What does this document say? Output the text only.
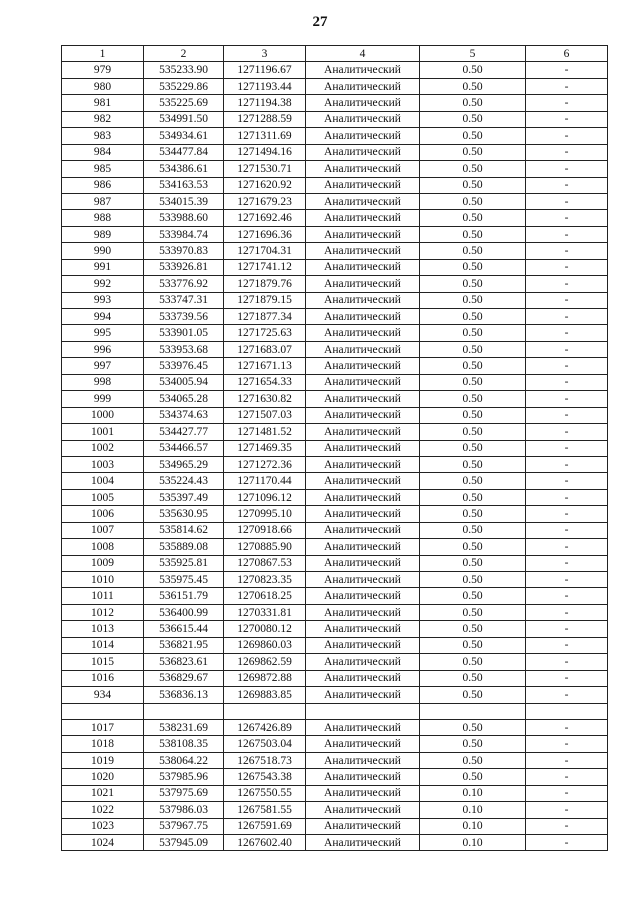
27
1	2	3	4	5	6
979	535233.90	1271196.67	Аналитический	0.50	-
980	535229.86	1271193.44	Аналитический	0.50	-
981	535225.69	1271194.38	Аналитический	0.50	-
982	534991.50	1271288.59	Аналитический	0.50	-
983	534934.61	1271311.69	Аналитический	0.50	-
984	534477.84	1271494.16	Аналитический	0.50	-
985	534386.61	1271530.71	Аналитический	0.50	-
986	534163.53	1271620.92	Аналитический	0.50	-
987	534015.39	1271679.23	Аналитический	0.50	-
988	533988.60	1271692.46	Аналитический	0.50	-
989	533984.74	1271696.36	Аналитический	0.50	-
990	533970.83	1271704.31	Аналитический	0.50	-
991	533926.81	1271741.12	Аналитический	0.50	-
992	533776.92	1271879.76	Аналитический	0.50	-
993	533747.31	1271879.15	Аналитический	0.50	-
994	533739.56	1271877.34	Аналитический	0.50	-
995	533901.05	1271725.63	Аналитический	0.50	-
996	533953.68	1271683.07	Аналитический	0.50	-
997	533976.45	1271671.13	Аналитический	0.50	-
998	534005.94	1271654.33	Аналитический	0.50	-
999	534065.28	1271630.82	Аналитический	0.50	-
1000	534374.63	1271507.03	Аналитический	0.50	-
1001	534427.77	1271481.52	Аналитический	0.50	-
1002	534466.57	1271469.35	Аналитический	0.50	-
1003	534965.29	1271272.36	Аналитический	0.50	-
1004	535224.43	1271170.44	Аналитический	0.50	-
1005	535397.49	1271096.12	Аналитический	0.50	-
1006	535630.95	1270995.10	Аналитический	0.50	-
1007	535814.62	1270918.66	Аналитический	0.50	-
1008	535889.08	1270885.90	Аналитический	0.50	-
1009	535925.81	1270867.53	Аналитический	0.50	-
1010	535975.45	1270823.35	Аналитический	0.50	-
1011	536151.79	1270618.25	Аналитический	0.50	-
1012	536400.99	1270331.81	Аналитический	0.50	-
1013	536615.44	1270080.12	Аналитический	0.50	-
1014	536821.95	1269860.03	Аналитический	0.50	-
1015	536823.61	1269862.59	Аналитический	0.50	-
1016	536829.67	1269872.88	Аналитический	0.50	-
934	536836.13	1269883.85	Аналитический	0.50	-

1017	538231.69	1267426.89	Аналитический	0.50	-
1018	538108.35	1267503.04	Аналитический	0.50	-
1019	538064.22	1267518.73	Аналитический	0.50	-
1020	537985.96	1267543.38	Аналитический	0.50	-
1021	537975.69	1267550.55	Аналитический	0.10	-
1022	537986.03	1267581.55	Аналитический	0.10	-
1023	537967.75	1267591.69	Аналитический	0.10	-
1024	537945.09	1267602.40	Аналитический	0.10	-
